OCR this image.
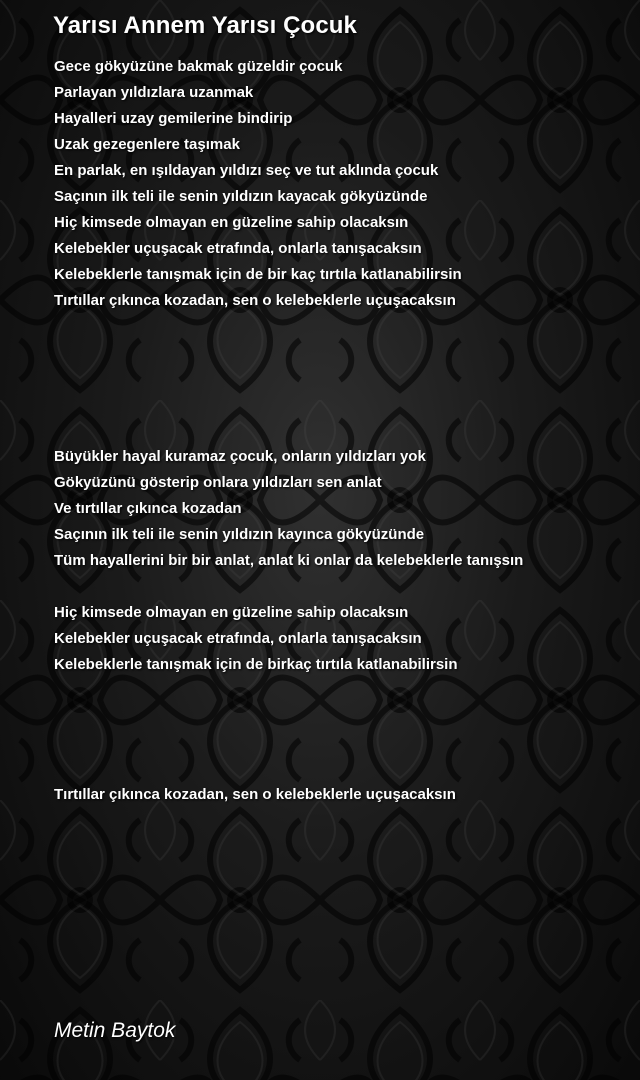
Yarısı Annem Yarısı Çocuk
Gece gökyüzüne bakmak güzeldir çocuk
Parlayan yıldızlara uzanmak
Hayalleri uzay gemilerine bindirip
Uzak gezegenlere taşımak
En parlak, en ışıldayan yıldızı seç ve tut aklında çocuk
Saçının ilk teli ile senin yıldızın kayacak gökyüzünde
Hiç kimsede olmayan en güzeline sahip olacaksın
Kelebekler uçuşacak etrafında, onlarla tanışacaksın
Kelebeklerle tanışmak için de bir kaç tırtıla katlanabilirsin
Tırtıllar çıkınca kozadan, sen o kelebeklerle uçuşacaksın
Büyükler hayal kuramaz çocuk, onların yıldızları yok
Gökyüzünü gösterip onlara yıldızları sen anlat
Ve tırtıllar çıkınca kozadan
Saçının ilk teli ile senin yıldızın kayınca gökyüzünde
Tüm hayallerini bir bir anlat, anlat ki onlar da kelebeklerle tanışsın
Hiç kimsede olmayan en güzeline sahip olacaksın
Kelebekler uçuşacak etrafında, onlarla tanışacaksın
Kelebeklerle tanışmak için de birkaç tırtıla katlanabilirsin
Tırtıllar çıkınca kozadan, sen o kelebeklerle uçuşacaksın
Metin Baytok
